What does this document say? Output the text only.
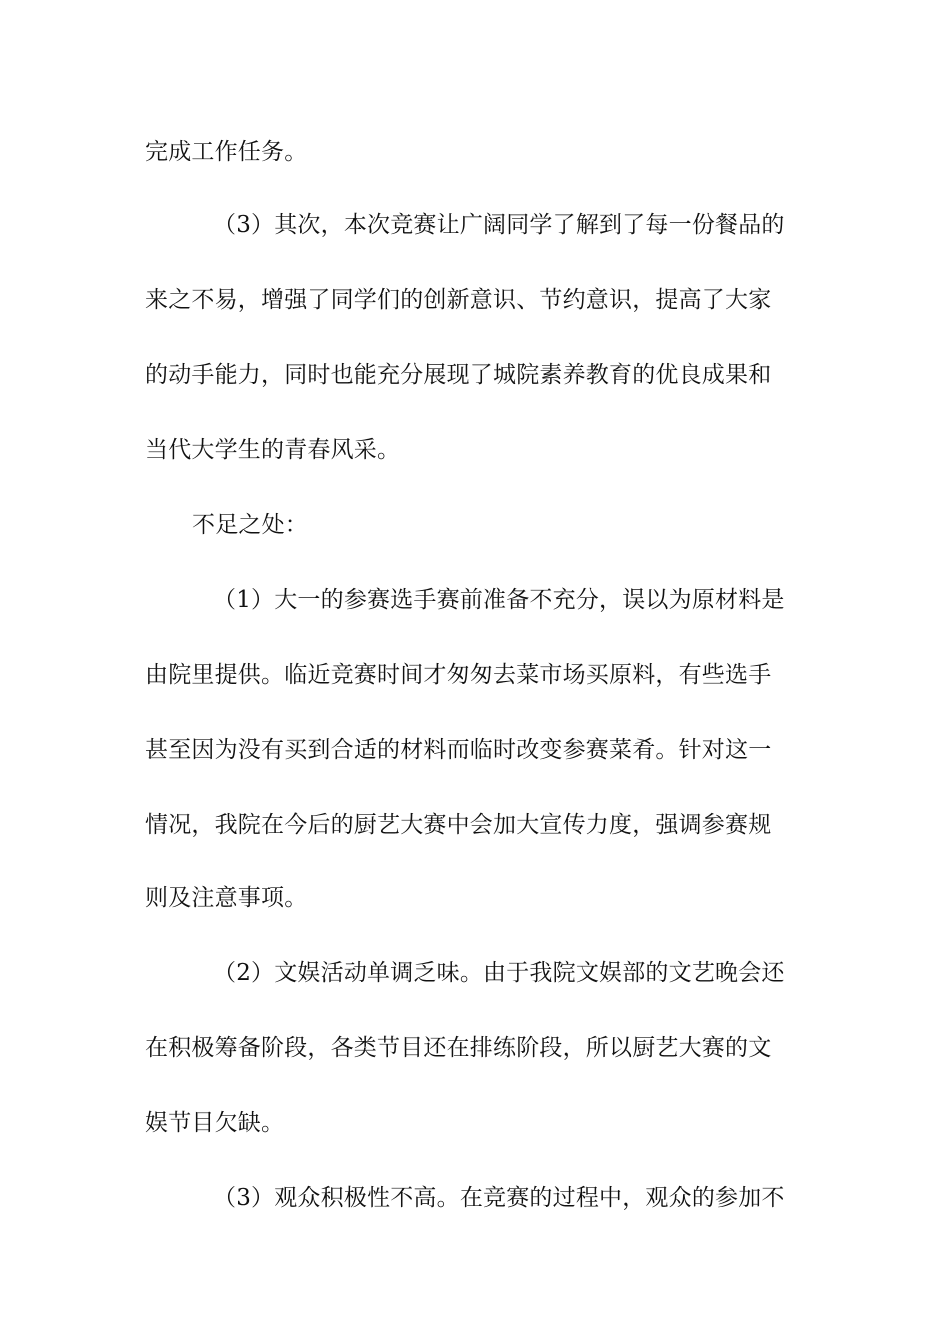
完成工作任务。
（3）其次，本次竞赛让广阔同学了解到了每一份餐品的
来之不易，增强了同学们的创新意识、节约意识，提高了大家
的动手能力，同时也能充分展现了城院素养教育的优良成果和
当代大学生的青春风采。
不足之处：
（1）大一的参赛选手赛前准备不充分，误以为原材料是
由院里提供。临近竞赛时间才匆匆去菜市场买原料，有些选手
甚至因为没有买到合适的材料而临时改变参赛菜肴。针对这一
情况，我院在今后的厨艺大赛中会加大宣传力度，强调参赛规
则及注意事项。
（2）文娱活动单调乏味。由于我院文娱部的文艺晚会还
在积极筹备阶段，各类节目还在排练阶段，所以厨艺大赛的文
娱节目欠缺。
（3）观众积极性不高。在竞赛的过程中，观众的参加不
